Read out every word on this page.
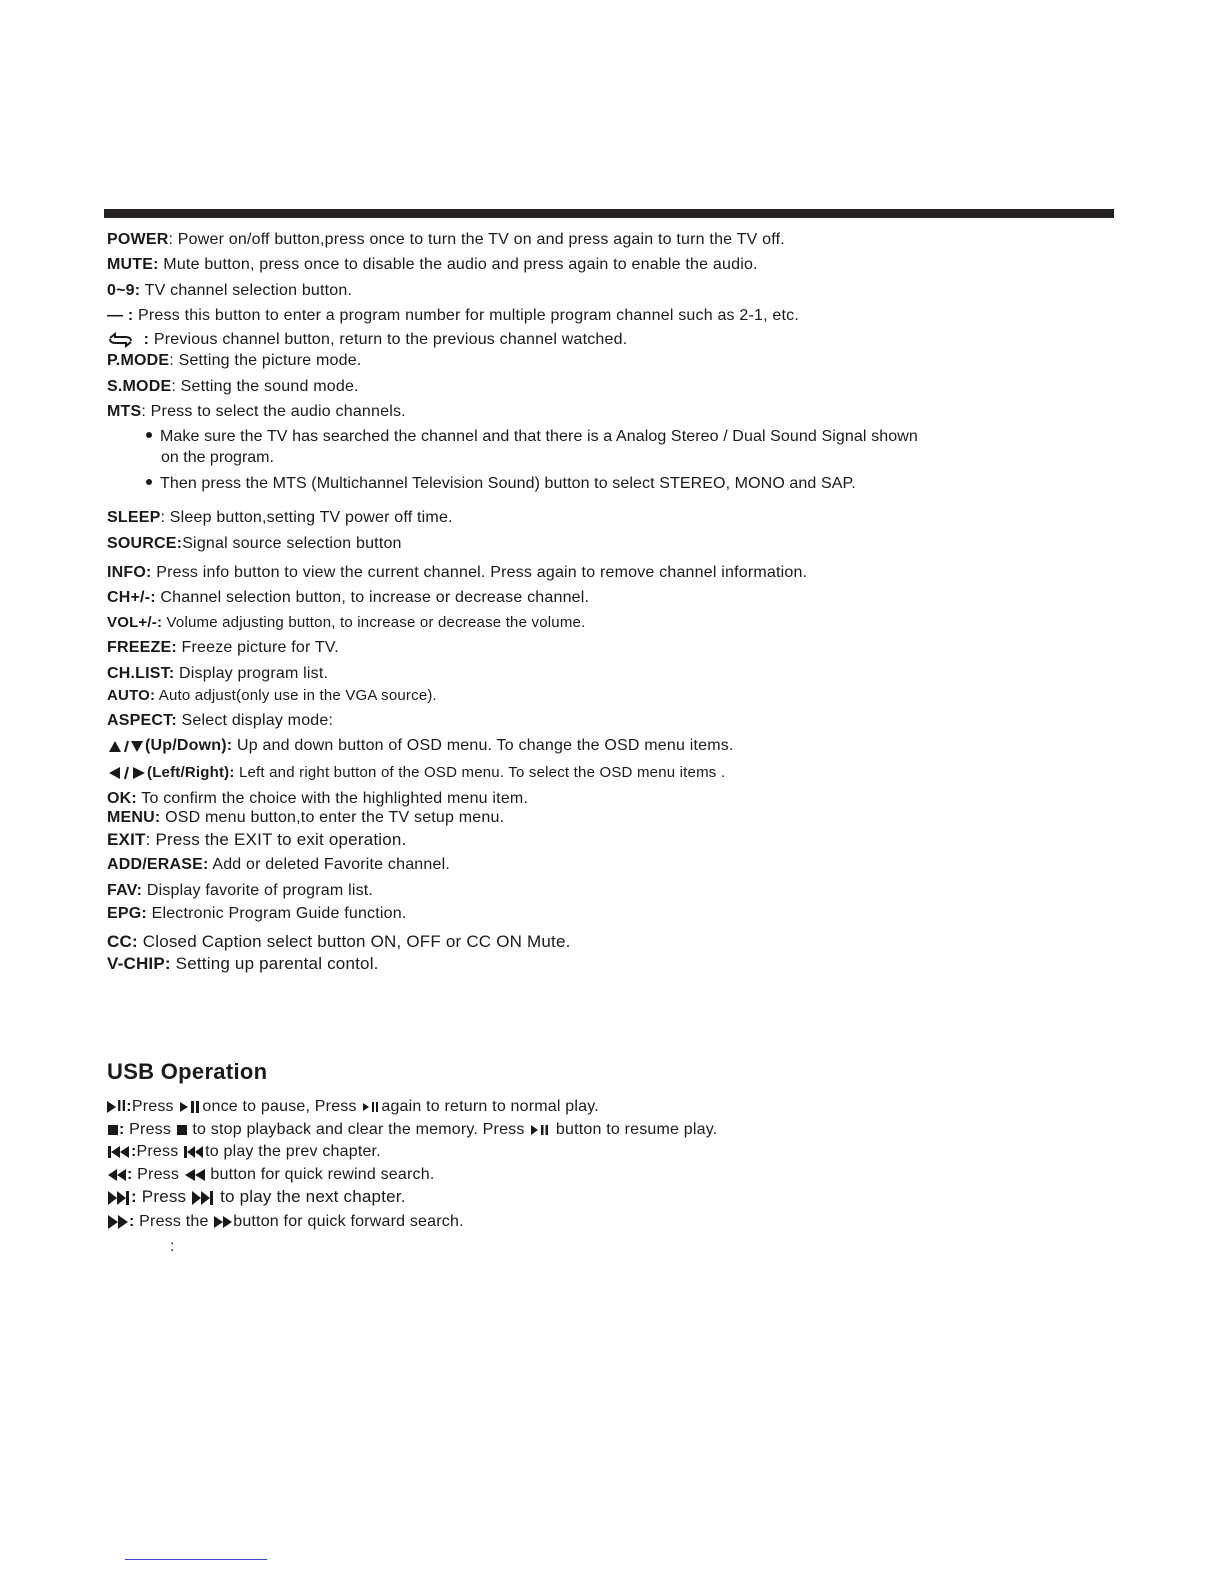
POWER: Power on/off button,press once to turn the TV on and press again to turn the TV off.
MUTE: Mute button, press once to disable the audio and press again to enable the audio.
0~9: TV channel selection button.
— : Press this button to enter a program number for multiple program channel such as 2-1, etc.
: Previous channel button, return to the previous channel watched.
P.MODE: Setting the picture mode.
S.MODE: Setting the sound mode.
MTS: Press to select the audio channels.
Make sure the TV has searched the channel and that there is a Analog Stereo / Dual Sound Signal shown
on the program.
Then press the MTS (Multichannel Television Sound) button to select STEREO, MONO and SAP.
SLEEP: Sleep button,setting TV power off time.
SOURCE:Signal source selection button
INFO: Press info button to view the current channel. Press again to remove channel information.
CH+/-: Channel selection button, to increase or decrease channel.
VOL+/-: Volume adjusting button, to increase or decrease the volume.
FREEZE: Freeze picture for TV.
CH.LIST: Display program list.
AUTO: Auto adjust(only use in the VGA source).
ASPECT: Select display mode:
(Up/Down): Up and down button of OSD menu. To change the OSD menu items.
(Left/Right): Left and right button of the OSD menu. To select the OSD menu items .
OK: To confirm the choice with the highlighted menu item.
MENU: OSD menu button,to enter the TV setup menu.
EXIT: Press the EXIT to exit operation.
ADD/ERASE: Add or deleted Favorite channel.
FAV: Display favorite of program list.
EPG: Electronic Program Guide function.
CC: Closed Caption select button ON, OFF or CC ON Mute.
V-CHIP: Setting up parental contol.
USB Operation
II:Press once to pause, Press again to return to normal play.
: Press  to stop playback and clear the memory. Press  button to resume play.
:Press to play the prev chapter.
: Press  button for quick rewind search.
: Press  to play the next chapter.
: Press the button for quick forward search.
:
